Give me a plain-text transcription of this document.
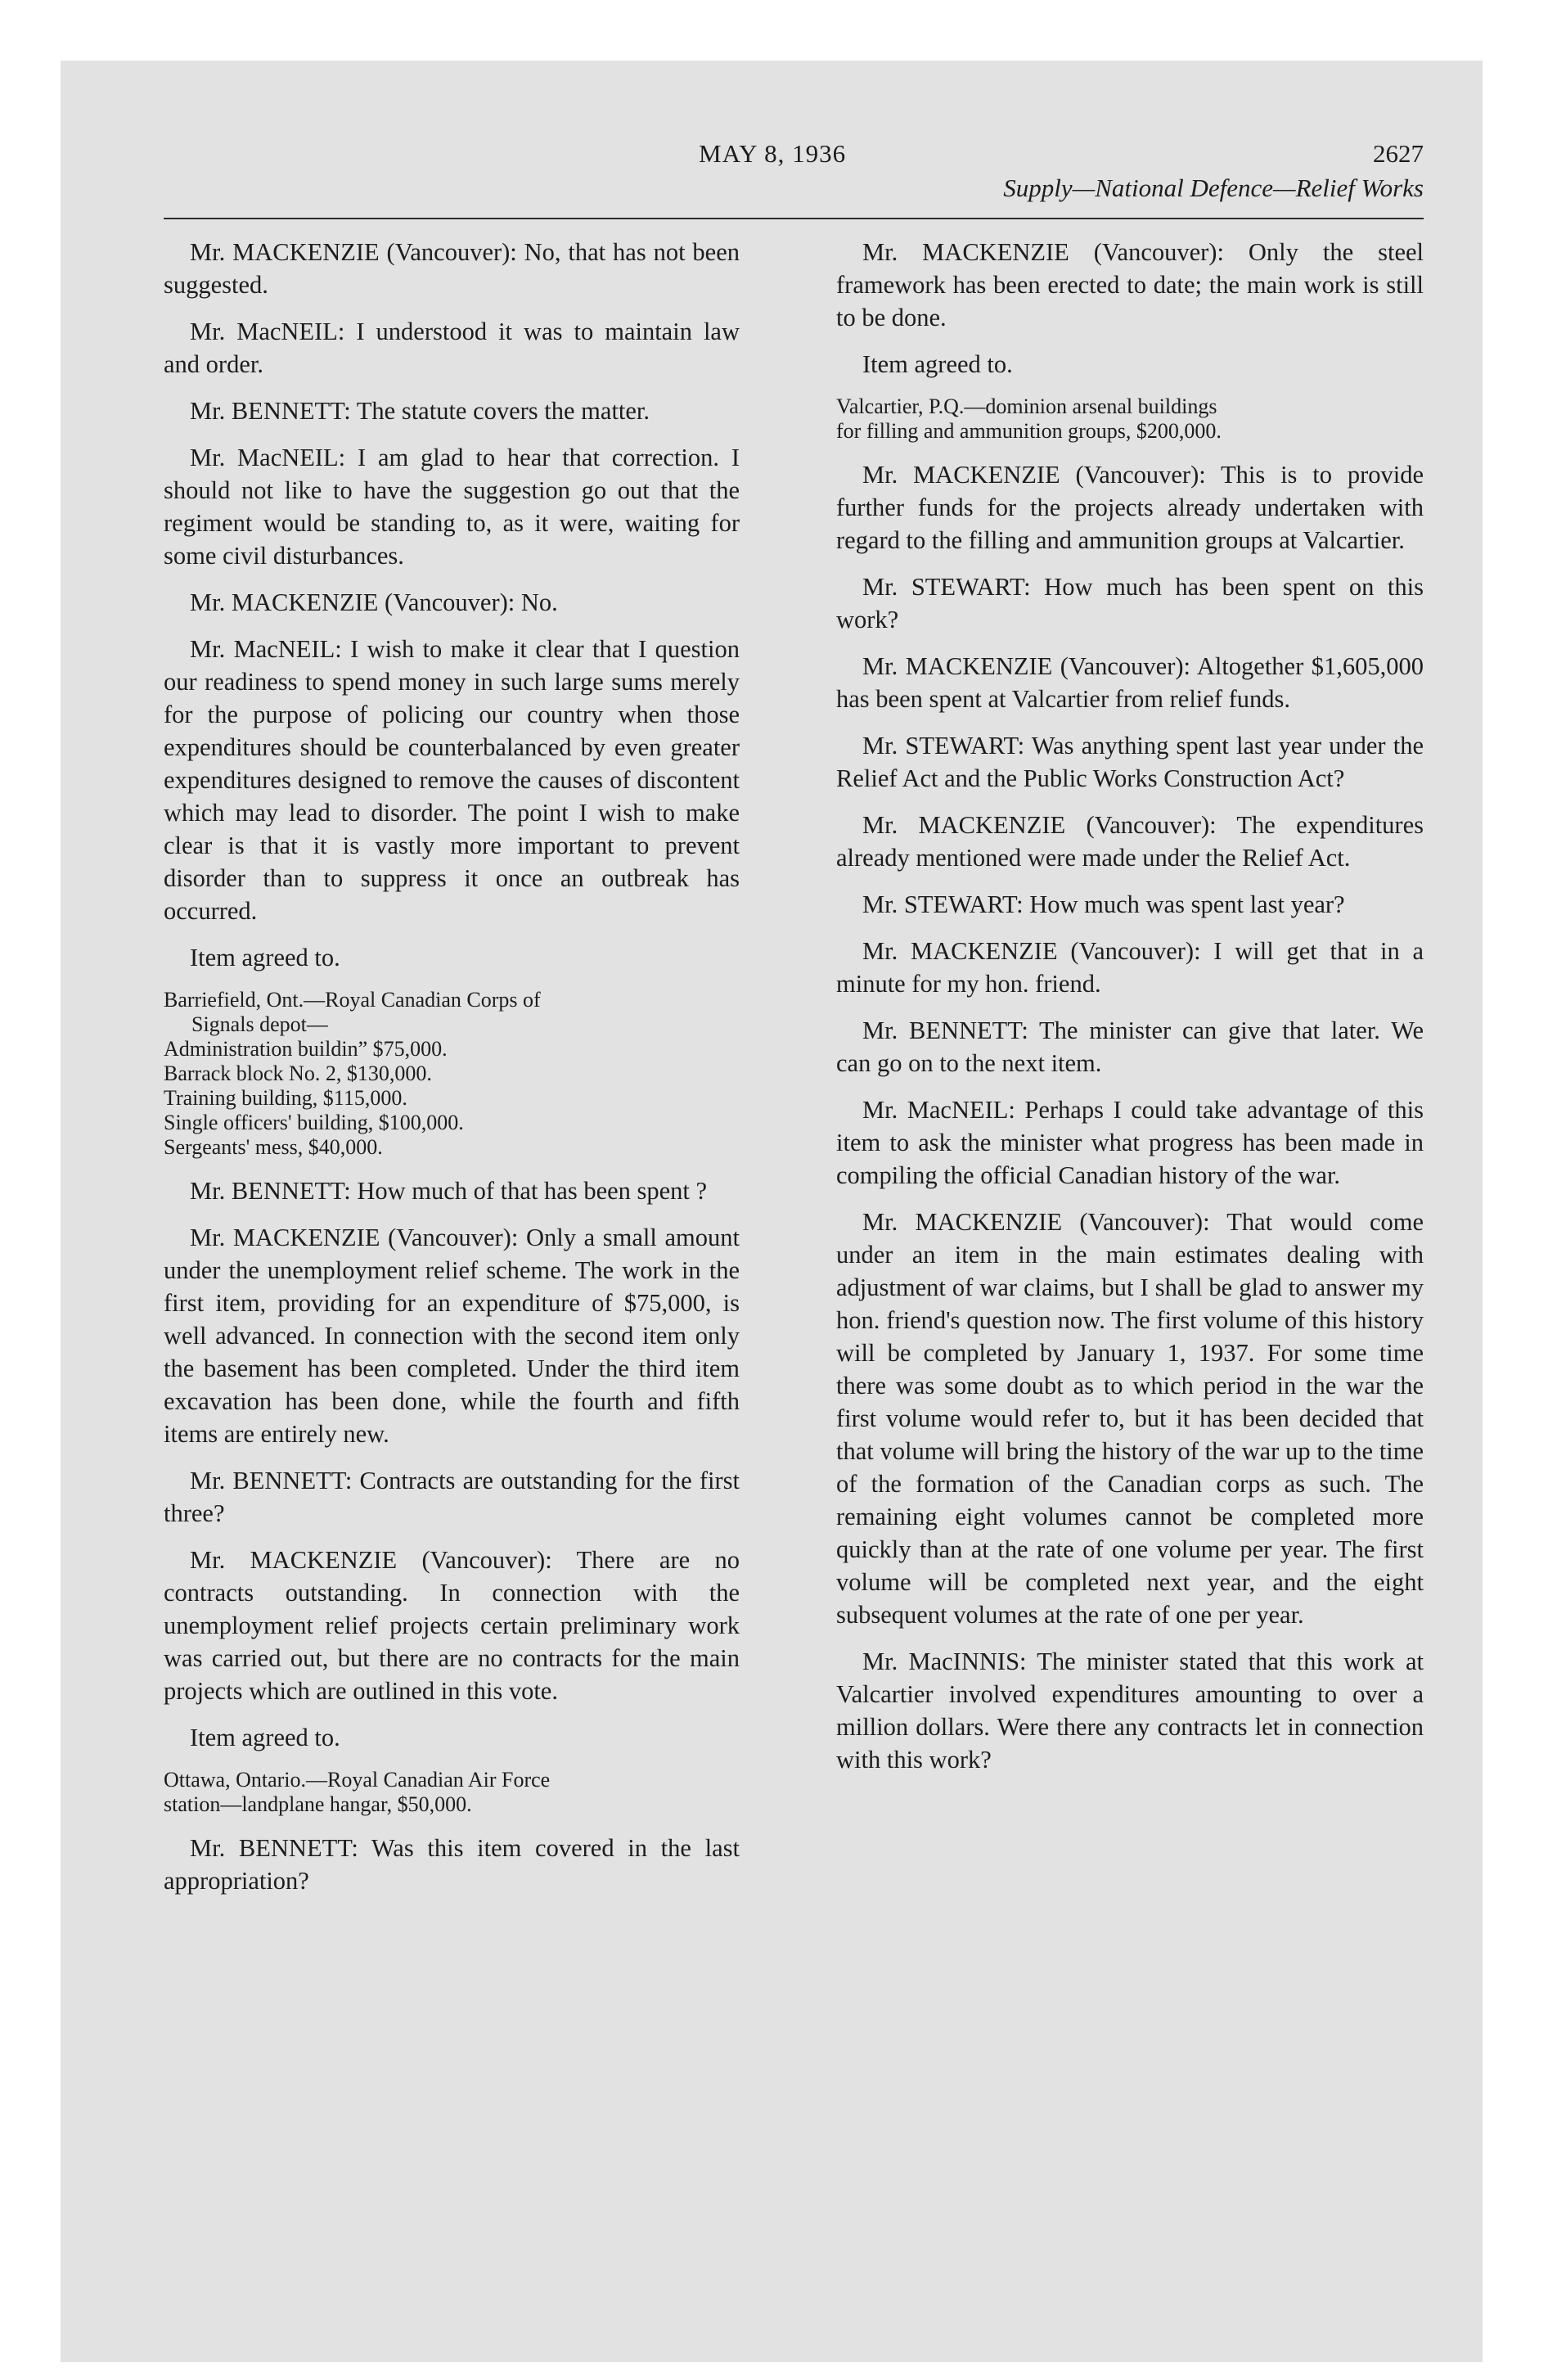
MAY 8, 1936	2627
Supply—National Defence—Relief Works

Mr. MACKENZIE (Vancouver): No, that has not been suggested.

Mr. MacNEIL: I understood it was to maintain law and order.

Mr. BENNETT: The statute covers the matter.

Mr. MacNEIL: I am glad to hear that correction. I should not like to have the suggestion go out that the regiment would be standing to, as it were, waiting for some civil disturbances.

Mr. MACKENZIE (Vancouver): No.

Mr. MacNEIL: I wish to make it clear that I question our readiness to spend money in such large sums merely for the purpose of policing our country when those expenditures should be counterbalanced by even greater expenditures designed to remove the causes of discontent which may lead to disorder. The point I wish to make clear is that it is vastly more important to prevent disorder than to suppress it once an outbreak has occurred.

Item agreed to.

Barriefield, Ont.—Royal Canadian Corps of
Signals depot—
Administration buildin” $75,000.
Barrack block No. 2, $130,000.
Training building, $115,000.
Single officers' building, $100,000.
Sergeants' mess, $40,000.

Mr. BENNETT: How much of that has been spent ?

Mr. MACKENZIE (Vancouver): Only a small amount under the unemployment relief scheme. The work in the first item, providing for an expenditure of $75,000, is well advanced. In connection with the second item only the basement has been completed. Under the third item excavation has been done, while the fourth and fifth items are entirely new.

Mr. BENNETT: Contracts are outstanding for the first three?

Mr. MACKENZIE (Vancouver): There are no contracts outstanding. In connection with the unemployment relief projects certain preliminary work was carried out, but there are no contracts for the main projects which are outlined in this vote.

Item agreed to.

Ottawa, Ontario.—Royal Canadian Air Force
station—landplane hangar, $50,000.

Mr. BENNETT: Was this item covered in the last appropriation?

Mr. MACKENZIE (Vancouver): Only the steel framework has been erected to date; the main work is still to be done.

Item agreed to.

Valcartier, P.Q.—dominion arsenal buildings
for filling and ammunition groups, $200,000.

Mr. MACKENZIE (Vancouver): This is to provide further funds for the projects already undertaken with regard to the filling and ammunition groups at Valcartier.

Mr. STEWART: How much has been spent on this work?

Mr. MACKENZIE (Vancouver): Altogether $1,605,000 has been spent at Valcartier from relief funds.

Mr. STEWART: Was anything spent last year under the Relief Act and the Public Works Construction Act?

Mr. MACKENZIE (Vancouver): The expenditures already mentioned were made under the Relief Act.

Mr. STEWART: How much was spent last year?

Mr. MACKENZIE (Vancouver): I will get that in a minute for my hon. friend.

Mr. BENNETT: The minister can give that later. We can go on to the next item.

Mr. MacNEIL: Perhaps I could take advantage of this item to ask the minister what progress has been made in compiling the official Canadian history of the war.

Mr. MACKENZIE (Vancouver): That would come under an item in the main estimates dealing with adjustment of war claims, but I shall be glad to answer my hon. friend's question now. The first volume of this history will be completed by January 1, 1937. For some time there was some doubt as to which period in the war the first volume would refer to, but it has been decided that that volume will bring the history of the war up to the time of the formation of the Canadian corps as such. The remaining eight volumes cannot be completed more quickly than at the rate of one volume per year. The first volume will be completed next year, and the eight subsequent volumes at the rate of one per year.

Mr. MacINNIS: The minister stated that this work at Valcartier involved expenditures amounting to over a million dollars. Were there any contracts let in connection with this work?
